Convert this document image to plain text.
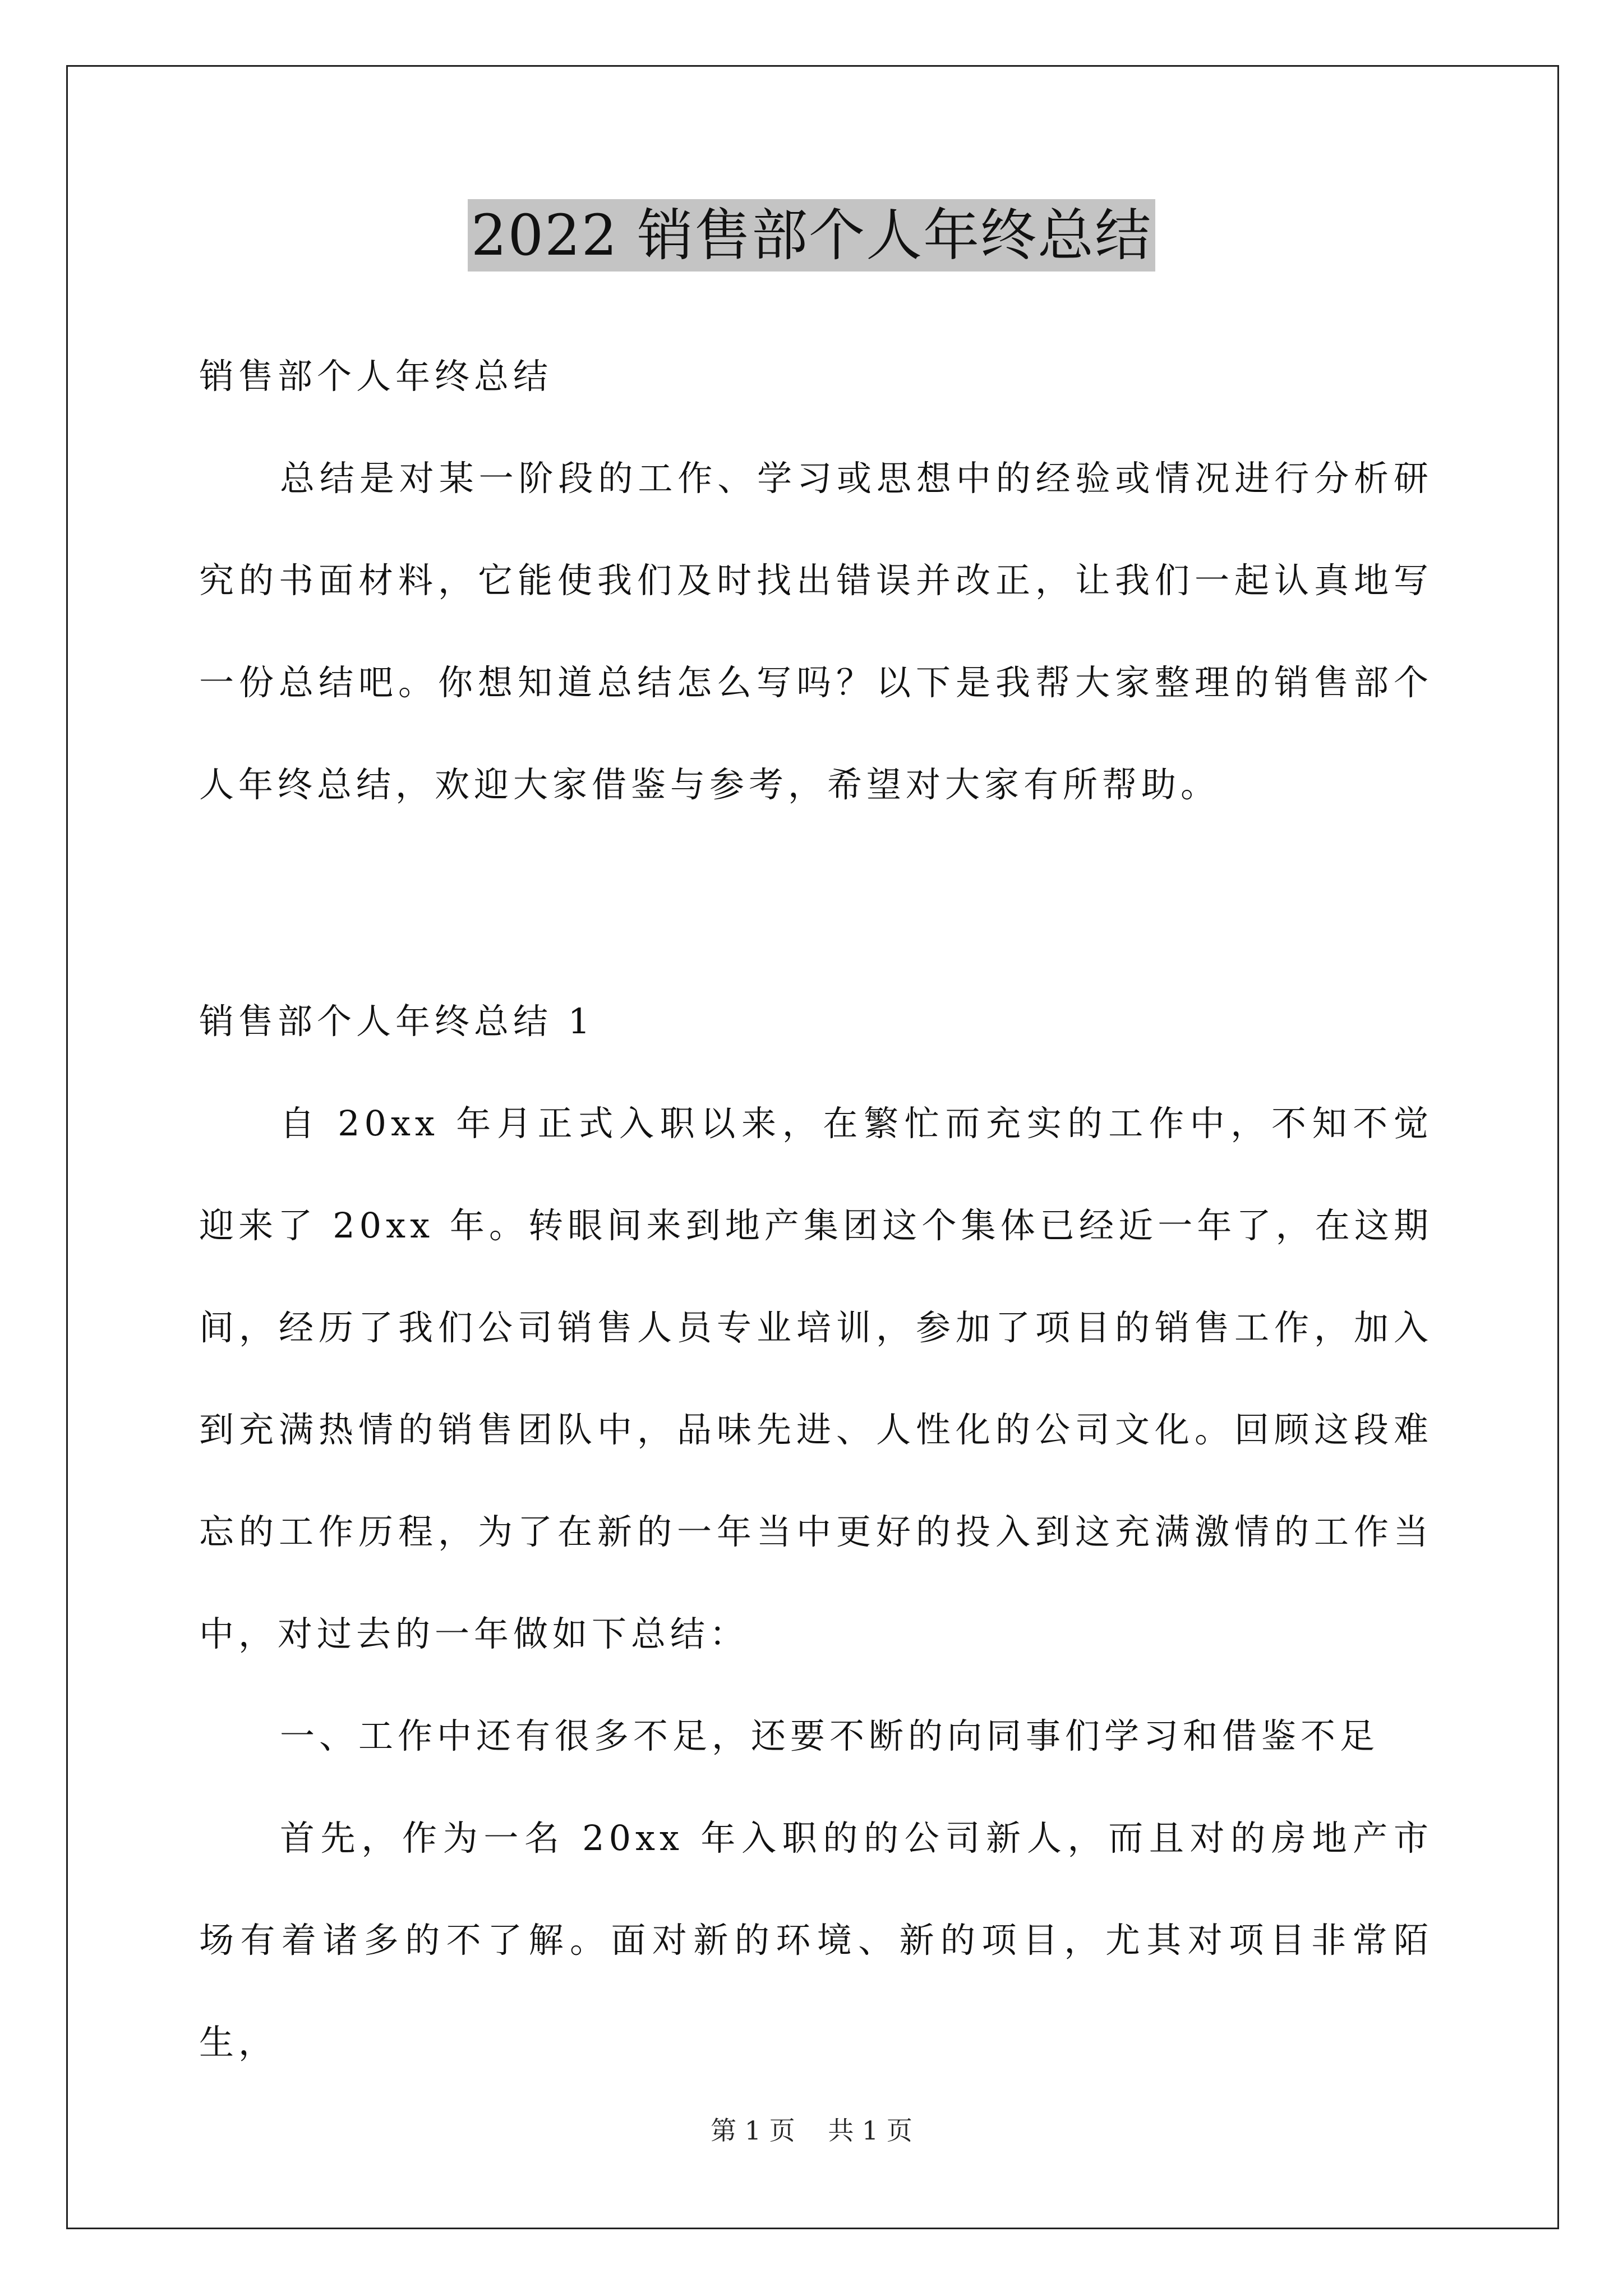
2022 销售部个人年终总结

销售部个人年终总结

总结是对某一阶段的工作、学习或思想中的经验或情况进行分析研究的书面材料，它能使我们及时找出错误并改正，让我们一起认真地写一份总结吧。你想知道总结怎么写吗？以下是我帮大家整理的销售部个人年终总结，欢迎大家借鉴与参考，希望对大家有所帮助。

销售部个人年终总结 1

自 20xx 年月正式入职以来，在繁忙而充实的工作中，不知不觉迎来了 20xx 年。转眼间来到地产集团这个集体已经近一年了，在这期间，经历了我们公司销售人员专业培训，参加了项目的销售工作，加入到充满热情的销售团队中，品味先进、人性化的公司文化。回顾这段难忘的工作历程，为了在新的一年当中更好的投入到这充满激情的工作当中，对过去的一年做如下总结：

一、工作中还有很多不足，还要不断的向同事们学习和借鉴不足

首先，作为一名 20xx 年入职的的公司新人，而且对的房地产市场有着诸多的不了解。面对新的环境、新的项目，尤其对项目非常陌生，

第 1 页 共 1 页
